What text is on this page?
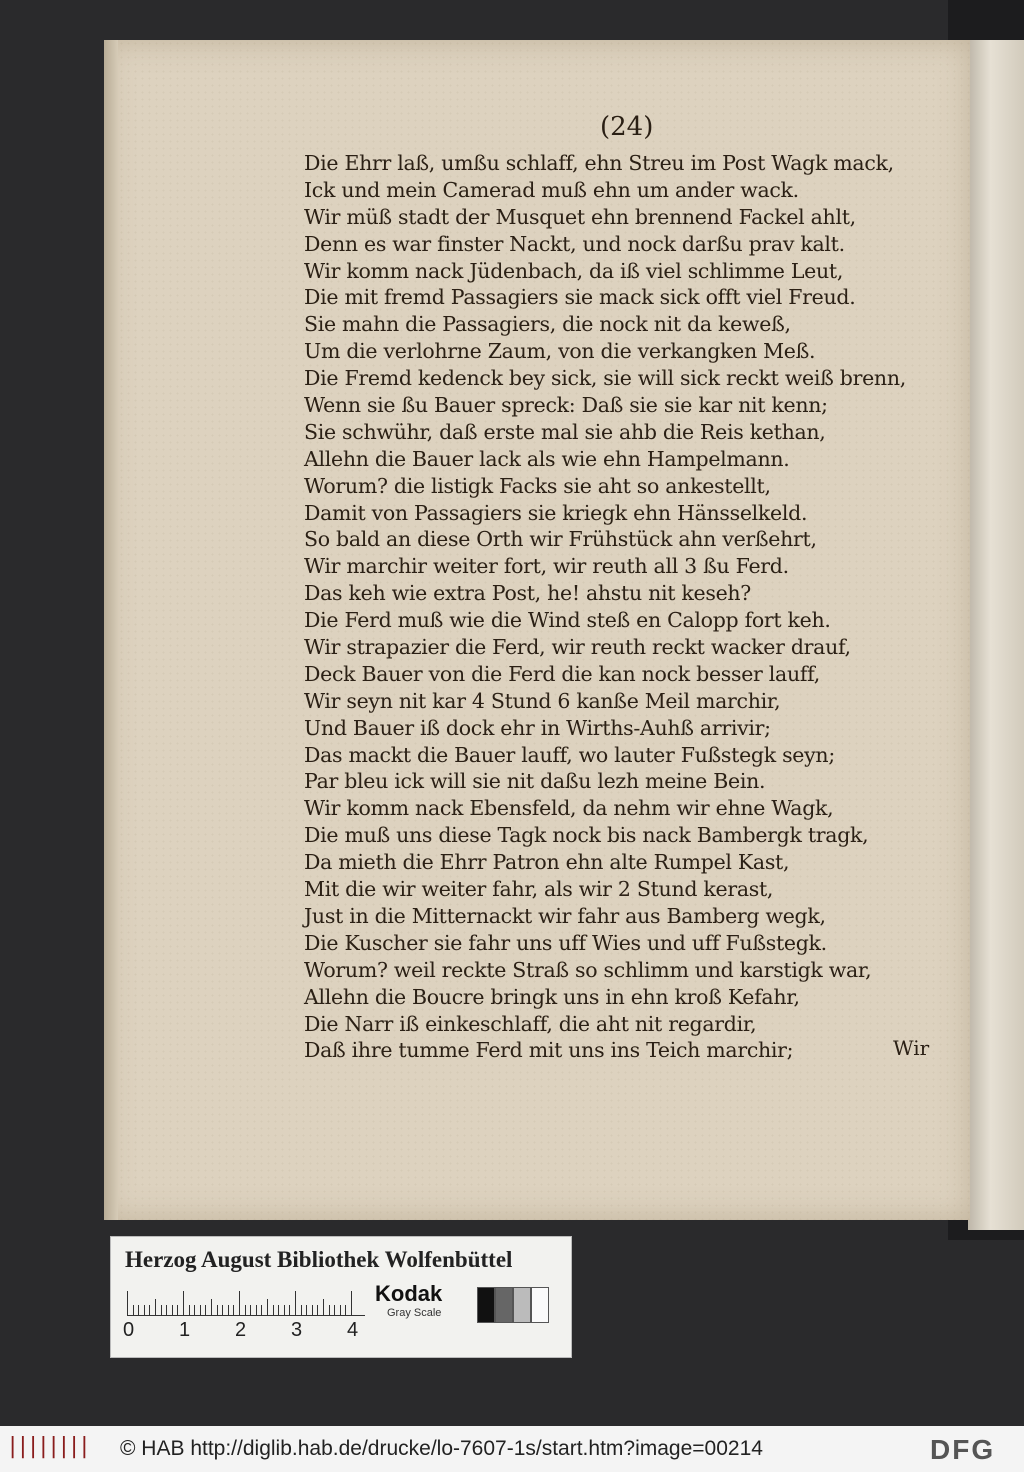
(24)
Die Ehrr laß, umßu schlaff, ehn Streu im Post Wagk mack,
Ick und mein Camerad muß ehn um ander wack.
Wir müß stadt der Musquet ehn brennend Fackel ahlt,
Denn es war finster Nackt, und nock darßu prav kalt.
Wir komm nack Jüdenbach, da iß viel schlimme Leut,
Die mit fremd Passagiers sie mack sick offt viel Freud.
Sie mahn die Passagiers, die nock nit da keweß,
Um die verlohrne Zaum, von die verkangken Meß.
Die Fremd kedenck bey sick, sie will sick reckt weiß brenn,
Wenn sie ßu Bauer spreck: Daß sie sie kar nit kenn;
Sie schwühr, daß erste mal sie ahb die Reis kethan,
Allehn die Bauer lack als wie ehn Hampelmann.
Worum? die listigk Facks sie aht so ankestellt,
Damit von Passagiers sie kriegk ehn Hänsselkeld.
So bald an diese Orth wir Frühstück ahn verßehrt,
Wir marchir weiter fort, wir reuth all 3 ßu Ferd.
Das keh wie extra Post, he! ahstu nit keseh?
Die Ferd muß wie die Wind steß en Calopp fort keh.
Wir strapazier die Ferd, wir reuth reckt wacker drauf,
Deck Bauer von die Ferd die kan nock besser lauff,
Wir seyn nit kar 4 Stund 6 kanße Meil marchir,
Und Bauer iß dock ehr in Wirths-Auhß arrivir;
Das mackt die Bauer lauff, wo lauter Fußstegk seyn;
Par bleu ick will sie nit daßu lezh meine Bein.
Wir komm nack Ebensfeld, da nehm wir ehne Wagk,
Die muß uns diese Tagk nock bis nack Bambergk tragk,
Da mieth die Ehrr Patron ehn alte Rumpel Kast,
Mit die wir weiter fahr, als wir 2 Stund kerast,
Just in die Mitternackt wir fahr aus Bamberg wegk,
Die Kuscher sie fahr uns uff Wies und uff Fußstegk.
Worum? weil reckte Straß so schlimm und karstigk war,
Allehn die Boucre bringk uns in ehn kroß Kefahr,
Die Narr iß einkeschlaff, die aht nit regardir,
Daß ihre tumme Ferd mit uns ins Teich marchir;	Wir
Herzog August Bibliothek Wolfenbüttel
0 1 2 3 4
Kodak
Gray Scale
|||||||| © HAB http://diglib.hab.de/drucke/lo-7607-1s/start.htm?image=00214	DFG
